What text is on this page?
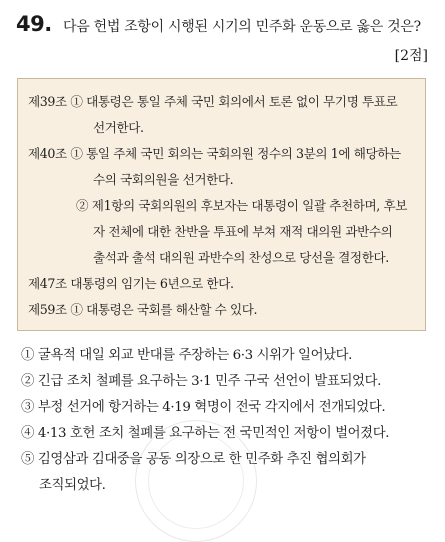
49. 다음 헌법 조항이 시행된 시기의 민주화 운동으로 옳은 것은?
[2점]
제39조 ① 대통령은 통일 주체 국민 회의에서 토론 없이 무기명 투표로
선거한다.
제40조 ① 통일 주체 국민 회의는 국회의원 정수의 3분의 1에 해당하는
수의 국회의원을 선거한다.
② 제1항의 국회의원의 후보자는 대통령이 일괄 추천하며, 후보
자 전체에 대한 찬반을 투표에 부쳐 재적 대의원 과반수의
출석과 출석 대의원 과반수의 찬성으로 당선을 결정한다.
제47조 대통령의 임기는 6년으로 한다.
제59조 ① 대통령은 국회를 해산할 수 있다.
① 굴욕적 대일 외교 반대를 주장하는 6·3 시위가 일어났다.
② 긴급 조치 철폐를 요구하는 3·1 민주 구국 선언이 발표되었다.
③ 부정 선거에 항거하는 4·19 혁명이 전국 각지에서 전개되었다.
④ 4·13 호헌 조치 철폐를 요구하는 전 국민적인 저항이 벌어졌다.
⑤ 김영삼과 김대중을 공동 의장으로 한 민주화 추진 협의회가
조직되었다.
